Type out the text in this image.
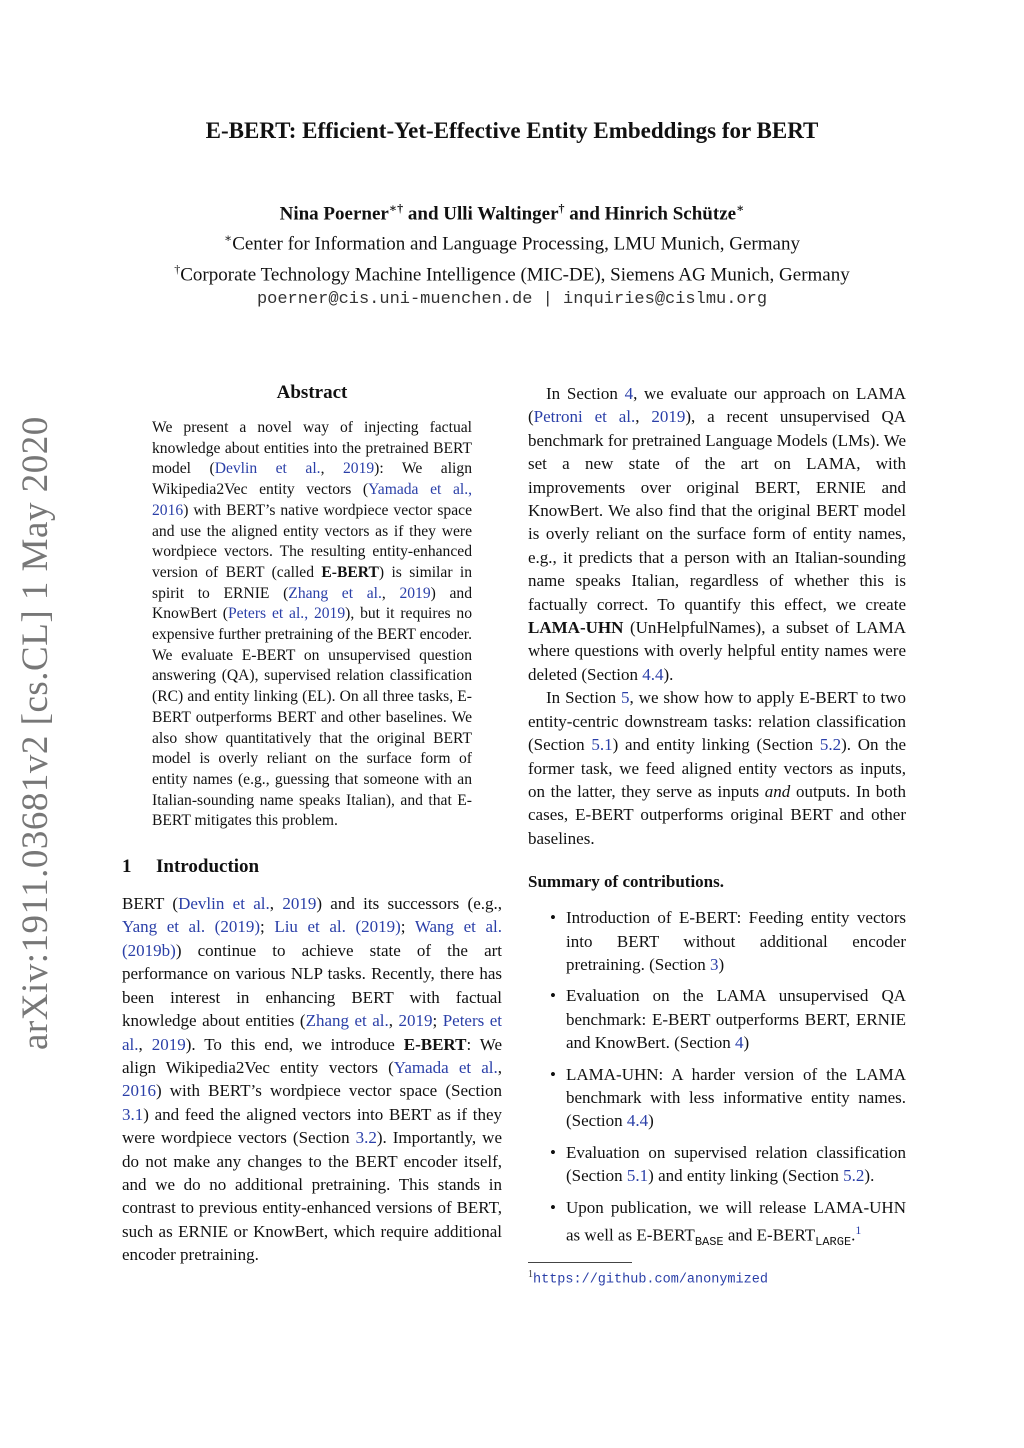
arXiv:1911.03681v2 [cs.CL] 1 May 2020
E-BERT: Efficient-Yet-Effective Entity Embeddings for BERT
Nina Poerner∗† and Ulli Waltinger† and Hinrich Schütze∗
∗Center for Information and Language Processing, LMU Munich, Germany
†Corporate Technology Machine Intelligence (MIC-DE), Siemens AG Munich, Germany
poerner@cis.uni-muenchen.de | inquiries@cislmu.org
Abstract

We present a novel way of injecting factual knowledge about entities into the pretrained BERT model (Devlin et al., 2019): We align Wikipedia2Vec entity vectors (Yamada et al., 2016) with BERT’s native wordpiece vector space and use the aligned entity vectors as if they were wordpiece vectors. The resulting entity-enhanced version of BERT (called E-BERT) is similar in spirit to ERNIE (Zhang et al., 2019) and KnowBert (Peters et al., 2019), but it requires no expensive further pretraining of the BERT encoder. We evaluate E-BERT on unsupervised question answering (QA), supervised relation classification (RC) and entity linking (EL). On all three tasks, E-BERT outperforms BERT and other baselines. We also show quantitatively that the original BERT model is overly reliant on the surface form of entity names (e.g., guessing that someone with an Italian-sounding name speaks Italian), and that E-BERT mitigates this problem.

1 Introduction

BERT (Devlin et al., 2019) and its successors (e.g., Yang et al. (2019); Liu et al. (2019); Wang et al. (2019b)) continue to achieve state of the art performance on various NLP tasks. Recently, there has been interest in enhancing BERT with factual knowledge about entities (Zhang et al., 2019; Peters et al., 2019). To this end, we introduce E-BERT: We align Wikipedia2Vec entity vectors (Yamada et al., 2016) with BERT’s wordpiece vector space (Section 3.1) and feed the aligned vectors into BERT as if they were wordpiece vectors (Section 3.2). Importantly, we do not make any changes to the BERT encoder itself, and we do no additional pretraining. This stands in contrast to previous entity-enhanced versions of BERT, such as ERNIE or KnowBert, which require additional encoder pretraining.

In Section 4, we evaluate our approach on LAMA (Petroni et al., 2019), a recent unsupervised QA benchmark for pretrained Language Models (LMs). We set a new state of the art on LAMA, with improvements over original BERT, ERNIE and KnowBert. We also find that the original BERT model is overly reliant on the surface form of entity names, e.g., it predicts that a person with an Italian-sounding name speaks Italian, regardless of whether this is factually correct. To quantify this effect, we create LAMA-UHN (UnHelpfulNames), a subset of LAMA where questions with overly helpful entity names were deleted (Section 4.4).

In Section 5, we show how to apply E-BERT to two entity-centric downstream tasks: relation classification (Section 5.1) and entity linking (Section 5.2). On the former task, we feed aligned entity vectors as inputs, on the latter, they serve as inputs and outputs. In both cases, E-BERT outperforms original BERT and other baselines.

Summary of contributions.
• Introduction of E-BERT: Feeding entity vectors into BERT without additional encoder pretraining. (Section 3)
• Evaluation on the LAMA unsupervised QA benchmark: E-BERT outperforms BERT, ERNIE and KnowBert. (Section 4)
• LAMA-UHN: A harder version of the LAMA benchmark with less informative entity names. (Section 4.4)
• Evaluation on supervised relation classification (Section 5.1) and entity linking (Section 5.2).
• Upon publication, we will release LAMA-UHN as well as $E-BERT_{BASE}$ and $E-BERT_{LARGE}.^1$
$^1$https://github.com/anonymized
